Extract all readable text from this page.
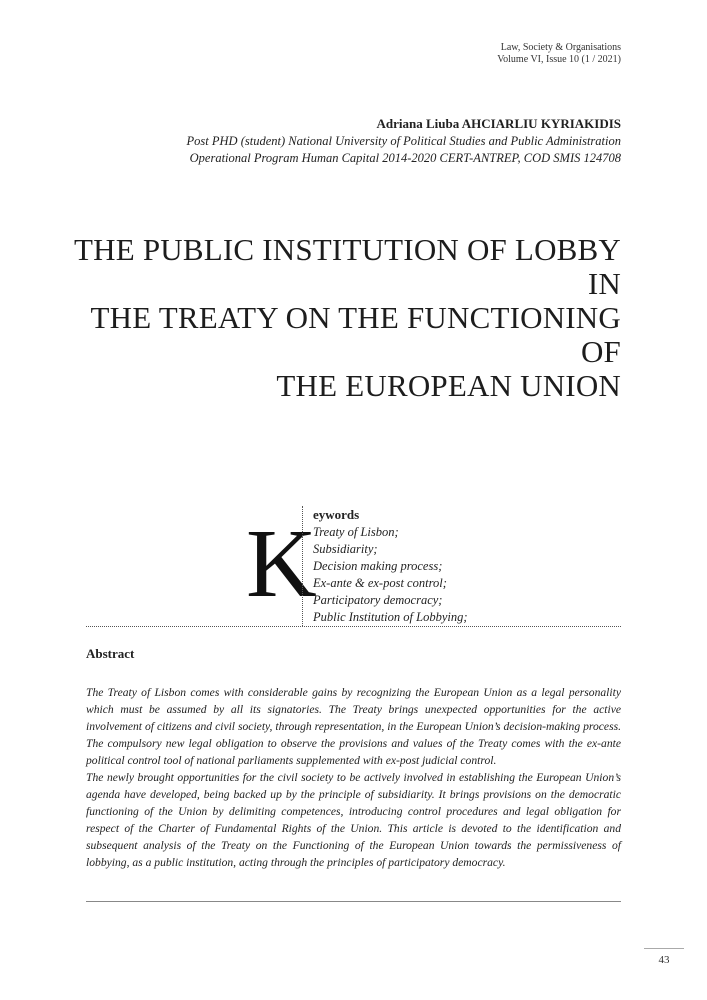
Law, Society & Organisations
Volume VI, Issue 10 (1 / 2021)
Adriana Liuba AHCIARLIU KYRIAKIDIS
Post PHD (student) National University of Political Studies and Public Administration
Operational Program Human Capital 2014-2020 CERT-ANTREP, COD SMIS 124708
THE PUBLIC INSTITUTION OF LOBBY IN
THE TREATY ON THE FUNCTIONING OF
THE EUROPEAN UNION
K
eywords
Treaty of Lisbon;
Subsidiarity;
Decision making process;
Ex-ante & ex-post control;
Participatory democracy;
Public Institution of Lobbying;
Abstract

The Treaty of Lisbon comes with considerable gains by recognizing the European Union as a legal personality which must be assumed by all its signatories. The Treaty brings unexpected opportunities for the active involvement of citizens and civil society, through representation, in the European Union’s decision-making process. The compulsory new legal obligation to observe the provisions and values of the Treaty comes with the ex-ante political control tool of national parliaments supplemented with ex-post judicial control.

The newly brought opportunities for the civil society to be actively involved in establishing the European Union’s agenda have developed, being backed up by the principle of subsidiarity. It brings provisions on the democratic functioning of the Union by delimiting competences, introducing control procedures and legal obligation for respect of the Charter of Fundamental Rights of the Union. This article is devoted to the identification and subsequent analysis of the Treaty on the Functioning of the European Union towards the permissiveness of lobbying, as a public institution, acting through the principles of participatory democracy.

43
